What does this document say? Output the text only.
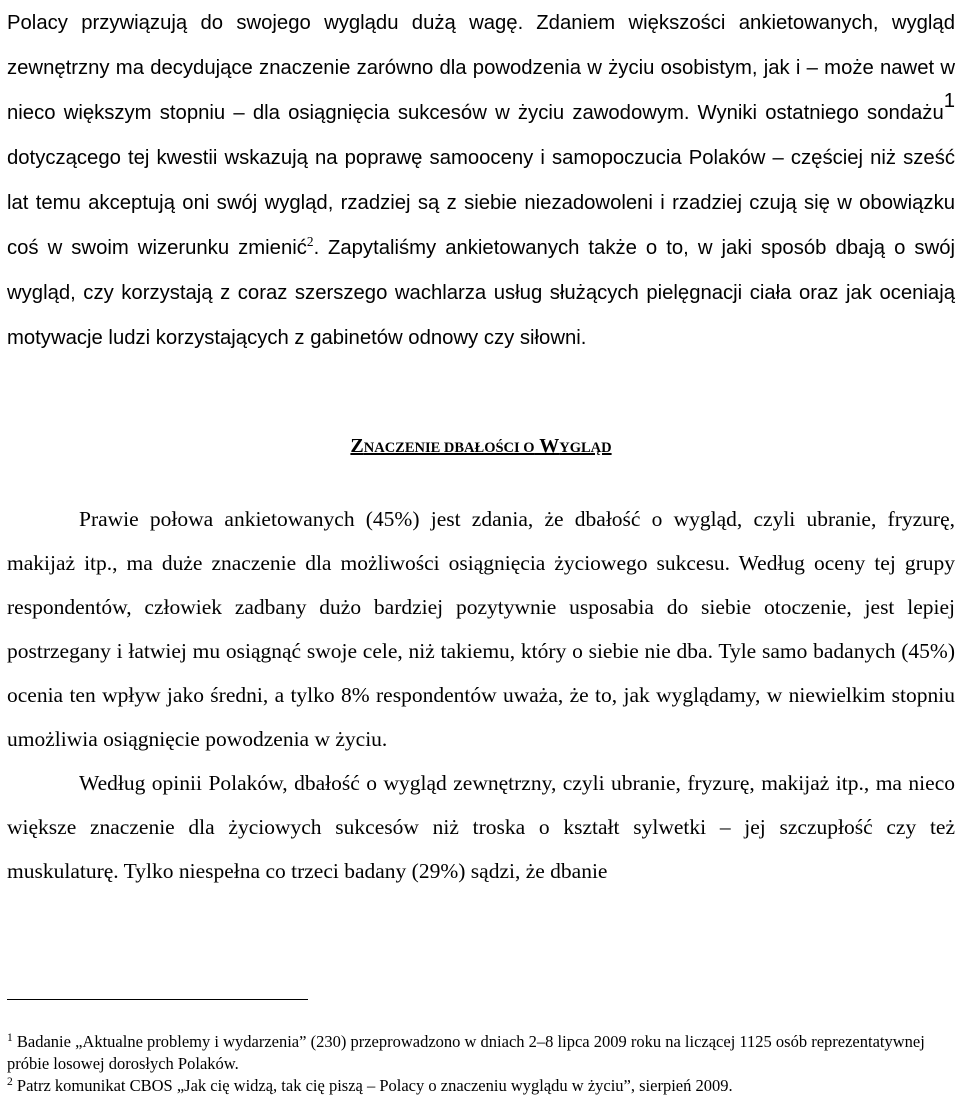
Polacy przywiązują do swojego wyglądu dużą wagę. Zdaniem większości ankietowanych, wygląd zewnętrzny ma decydujące znaczenie zarówno dla powodzenia w życiu osobistym, jak i – może nawet w nieco większym stopniu – dla osiągnięcia sukcesów w życiu zawodowym. Wyniki ostatniego sondażu$^1$ dotyczącego tej kwestii wskazują na poprawę samooceny i samopoczucia Polaków – częściej niż sześć lat temu akceptują oni swój wygląd, rzadziej są z siebie niezadowoleni i rzadziej czują się w obowiązku coś w swoim wizerunku zmienić$^2$. Zapytaliśmy ankietowanych także o to, w jaki sposób dbają o swój wygląd, czy korzystają z coraz szerszego wachlarza usług służących pielęgnacji ciała oraz jak oceniają motywacje ludzi korzystających z gabinetów odnowy czy siłowni.

ZNACZENIE DBAŁOŚCI O WYGLĄD

Prawie połowa ankietowanych (45%) jest zdania, że dbałość o wygląd, czyli ubranie, fryzurę, makijaż itp., ma duże znaczenie dla możliwości osiągnięcia życiowego sukcesu. Według oceny tej grupy respondentów, człowiek zadbany dużo bardziej pozytywnie usposabia do siebie otoczenie, jest lepiej postrzegany i łatwiej mu osiągnąć swoje cele, niż takiemu, który o siebie nie dba. Tyle samo badanych (45%) ocenia ten wpływ jako średni, a tylko 8% respondentów uważa, że to, jak wyglądamy, w niewielkim stopniu umożliwia osiągnięcie powodzenia w życiu.

Według opinii Polaków, dbałość o wygląd zewnętrzny, czyli ubranie, fryzurę, makijaż itp., ma nieco większe znaczenie dla życiowych sukcesów niż troska o kształt sylwetki – jej szczupłość czy też muskulaturę. Tylko niespełna co trzeci badany (29%) sądzi, że dbanie

$^1$ Badanie „Aktualne problemy i wydarzenia” (230) przeprowadzono w dniach 2–8 lipca 2009 roku na liczącej 1125 osób reprezentatywnej próbie losowej dorosłych Polaków.

$^2$ Patrz komunikat CBOS „Jak cię widzą, tak cię piszą – Polacy o znaczeniu wyglądu w życiu”, sierpień 2009.
